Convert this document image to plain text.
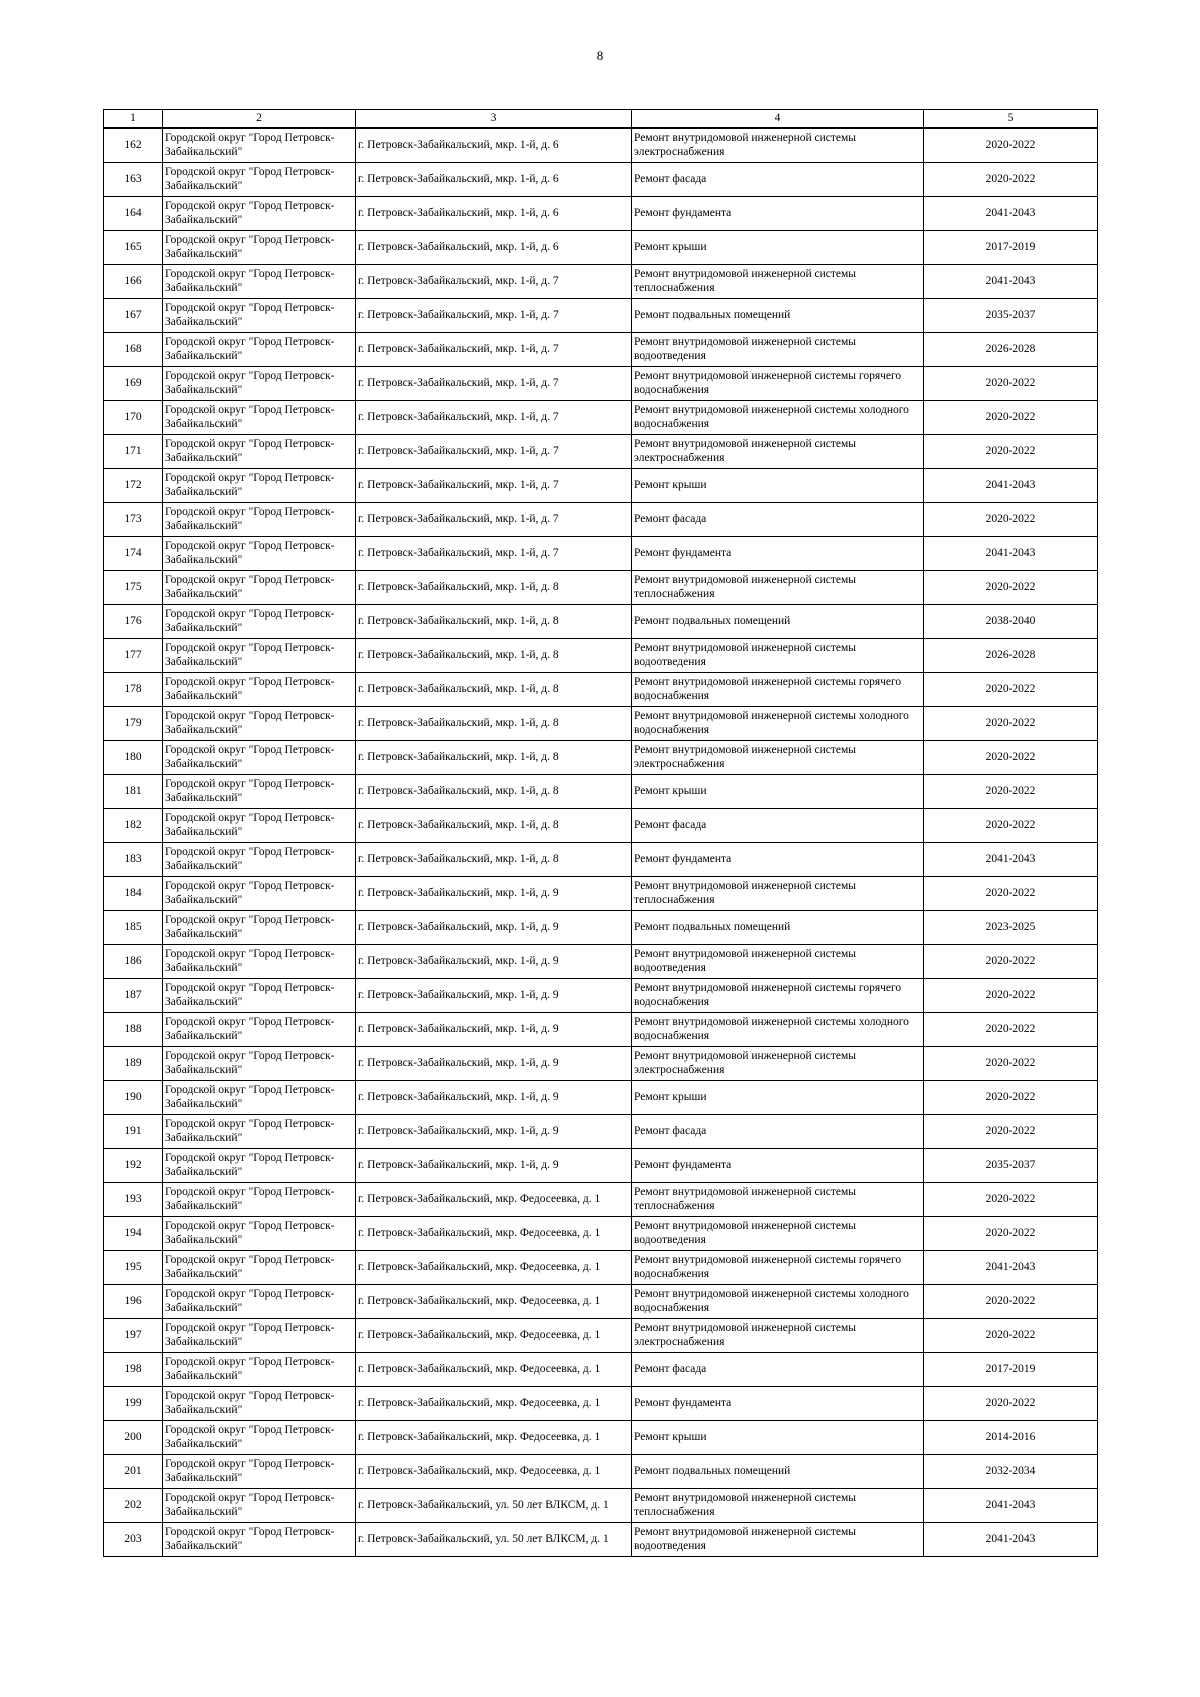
8
1	2	3	4	5
162	Городской округ "Город Петровск-Забайкальский"	г. Петровск-Забайкальский, мкр. 1-й, д. 6	Ремонт внутридомовой инженерной системы электроснабжения	2020-2022
163	Городской округ "Город Петровск-Забайкальский"	г. Петровск-Забайкальский, мкр. 1-й, д. 6	Ремонт фасада	2020-2022
164	Городской округ "Город Петровск-Забайкальский"	г. Петровск-Забайкальский, мкр. 1-й, д. 6	Ремонт фундамента	2041-2043
165	Городской округ "Город Петровск-Забайкальский"	г. Петровск-Забайкальский, мкр. 1-й, д. 6	Ремонт крыши	2017-2019
166	Городской округ "Город Петровск-Забайкальский"	г. Петровск-Забайкальский, мкр. 1-й, д. 7	Ремонт внутридомовой инженерной системы теплоснабжения	2041-2043
167	Городской округ "Город Петровск-Забайкальский"	г. Петровск-Забайкальский, мкр. 1-й, д. 7	Ремонт подвальных помещений	2035-2037
168	Городской округ "Город Петровск-Забайкальский"	г. Петровск-Забайкальский, мкр. 1-й, д. 7	Ремонт внутридомовой инженерной системы водоотведения	2026-2028
169	Городской округ "Город Петровск-Забайкальский"	г. Петровск-Забайкальский, мкр. 1-й, д. 7	Ремонт внутридомовой инженерной системы горячего водоснабжения	2020-2022
170	Городской округ "Город Петровск-Забайкальский"	г. Петровск-Забайкальский, мкр. 1-й, д. 7	Ремонт внутридомовой инженерной системы холодного водоснабжения	2020-2022
171	Городской округ "Город Петровск-Забайкальский"	г. Петровск-Забайкальский, мкр. 1-й, д. 7	Ремонт внутридомовой инженерной системы электроснабжения	2020-2022
172	Городской округ "Город Петровск-Забайкальский"	г. Петровск-Забайкальский, мкр. 1-й, д. 7	Ремонт крыши	2041-2043
173	Городской округ "Город Петровск-Забайкальский"	г. Петровск-Забайкальский, мкр. 1-й, д. 7	Ремонт фасада	2020-2022
174	Городской округ "Город Петровск-Забайкальский"	г. Петровск-Забайкальский, мкр. 1-й, д. 7	Ремонт фундамента	2041-2043
175	Городской округ "Город Петровск-Забайкальский"	г. Петровск-Забайкальский, мкр. 1-й, д. 8	Ремонт внутридомовой инженерной системы теплоснабжения	2020-2022
176	Городской округ "Город Петровск-Забайкальский"	г. Петровск-Забайкальский, мкр. 1-й, д. 8	Ремонт подвальных помещений	2038-2040
177	Городской округ "Город Петровск-Забайкальский"	г. Петровск-Забайкальский, мкр. 1-й, д. 8	Ремонт внутридомовой инженерной системы водоотведения	2026-2028
178	Городской округ "Город Петровск-Забайкальский"	г. Петровск-Забайкальский, мкр. 1-й, д. 8	Ремонт внутридомовой инженерной системы горячего водоснабжения	2020-2022
179	Городской округ "Город Петровск-Забайкальский"	г. Петровск-Забайкальский, мкр. 1-й, д. 8	Ремонт внутридомовой инженерной системы холодного водоснабжения	2020-2022
180	Городской округ "Город Петровск-Забайкальский"	г. Петровск-Забайкальский, мкр. 1-й, д. 8	Ремонт внутридомовой инженерной системы электроснабжения	2020-2022
181	Городской округ "Город Петровск-Забайкальский"	г. Петровск-Забайкальский, мкр. 1-й, д. 8	Ремонт крыши	2020-2022
182	Городской округ "Город Петровск-Забайкальский"	г. Петровск-Забайкальский, мкр. 1-й, д. 8	Ремонт фасада	2020-2022
183	Городской округ "Город Петровск-Забайкальский"	г. Петровск-Забайкальский, мкр. 1-й, д. 8	Ремонт фундамента	2041-2043
184	Городской округ "Город Петровск-Забайкальский"	г. Петровск-Забайкальский, мкр. 1-й, д. 9	Ремонт внутридомовой инженерной системы теплоснабжения	2020-2022
185	Городской округ "Город Петровск-Забайкальский"	г. Петровск-Забайкальский, мкр. 1-й, д. 9	Ремонт подвальных помещений	2023-2025
186	Городской округ "Город Петровск-Забайкальский"	г. Петровск-Забайкальский, мкр. 1-й, д. 9	Ремонт внутридомовой инженерной системы водоотведения	2020-2022
187	Городской округ "Город Петровск-Забайкальский"	г. Петровск-Забайкальский, мкр. 1-й, д. 9	Ремонт внутридомовой инженерной системы горячего водоснабжения	2020-2022
188	Городской округ "Город Петровск-Забайкальский"	г. Петровск-Забайкальский, мкр. 1-й, д. 9	Ремонт внутридомовой инженерной системы холодного водоснабжения	2020-2022
189	Городской округ "Город Петровск-Забайкальский"	г. Петровск-Забайкальский, мкр. 1-й, д. 9	Ремонт внутридомовой инженерной системы электроснабжения	2020-2022
190	Городской округ "Город Петровск-Забайкальский"	г. Петровск-Забайкальский, мкр. 1-й, д. 9	Ремонт крыши	2020-2022
191	Городской округ "Город Петровск-Забайкальский"	г. Петровск-Забайкальский, мкр. 1-й, д. 9	Ремонт фасада	2020-2022
192	Городской округ "Город Петровск-Забайкальский"	г. Петровск-Забайкальский, мкр. 1-й, д. 9	Ремонт фундамента	2035-2037
193	Городской округ "Город Петровск-Забайкальский"	г. Петровск-Забайкальский, мкр. Федосеевка, д. 1	Ремонт внутридомовой инженерной системы теплоснабжения	2020-2022
194	Городской округ "Город Петровск-Забайкальский"	г. Петровск-Забайкальский, мкр. Федосеевка, д. 1	Ремонт внутридомовой инженерной системы водоотведения	2020-2022
195	Городской округ "Город Петровск-Забайкальский"	г. Петровск-Забайкальский, мкр. Федосеевка, д. 1	Ремонт внутридомовой инженерной системы горячего водоснабжения	2041-2043
196	Городской округ "Город Петровск-Забайкальский"	г. Петровск-Забайкальский, мкр. Федосеевка, д. 1	Ремонт внутридомовой инженерной системы холодного водоснабжения	2020-2022
197	Городской округ "Город Петровск-Забайкальский"	г. Петровск-Забайкальский, мкр. Федосеевка, д. 1	Ремонт внутридомовой инженерной системы электроснабжения	2020-2022
198	Городской округ "Город Петровск-Забайкальский"	г. Петровск-Забайкальский, мкр. Федосеевка, д. 1	Ремонт фасада	2017-2019
199	Городской округ "Город Петровск-Забайкальский"	г. Петровск-Забайкальский, мкр. Федосеевка, д. 1	Ремонт фундамента	2020-2022
200	Городской округ "Город Петровск-Забайкальский"	г. Петровск-Забайкальский, мкр. Федосеевка, д. 1	Ремонт крыши	2014-2016
201	Городской округ "Город Петровск-Забайкальский"	г. Петровск-Забайкальский, мкр. Федосеевка, д. 1	Ремонт подвальных помещений	2032-2034
202	Городской округ "Город Петровск-Забайкальский"	г. Петровск-Забайкальский, ул. 50 лет ВЛКСМ, д. 1	Ремонт внутридомовой инженерной системы теплоснабжения	2041-2043
203	Городской округ "Город Петровск-Забайкальский"	г. Петровск-Забайкальский, ул. 50 лет ВЛКСМ, д. 1	Ремонт внутридомовой инженерной системы водоотведения	2041-2043
